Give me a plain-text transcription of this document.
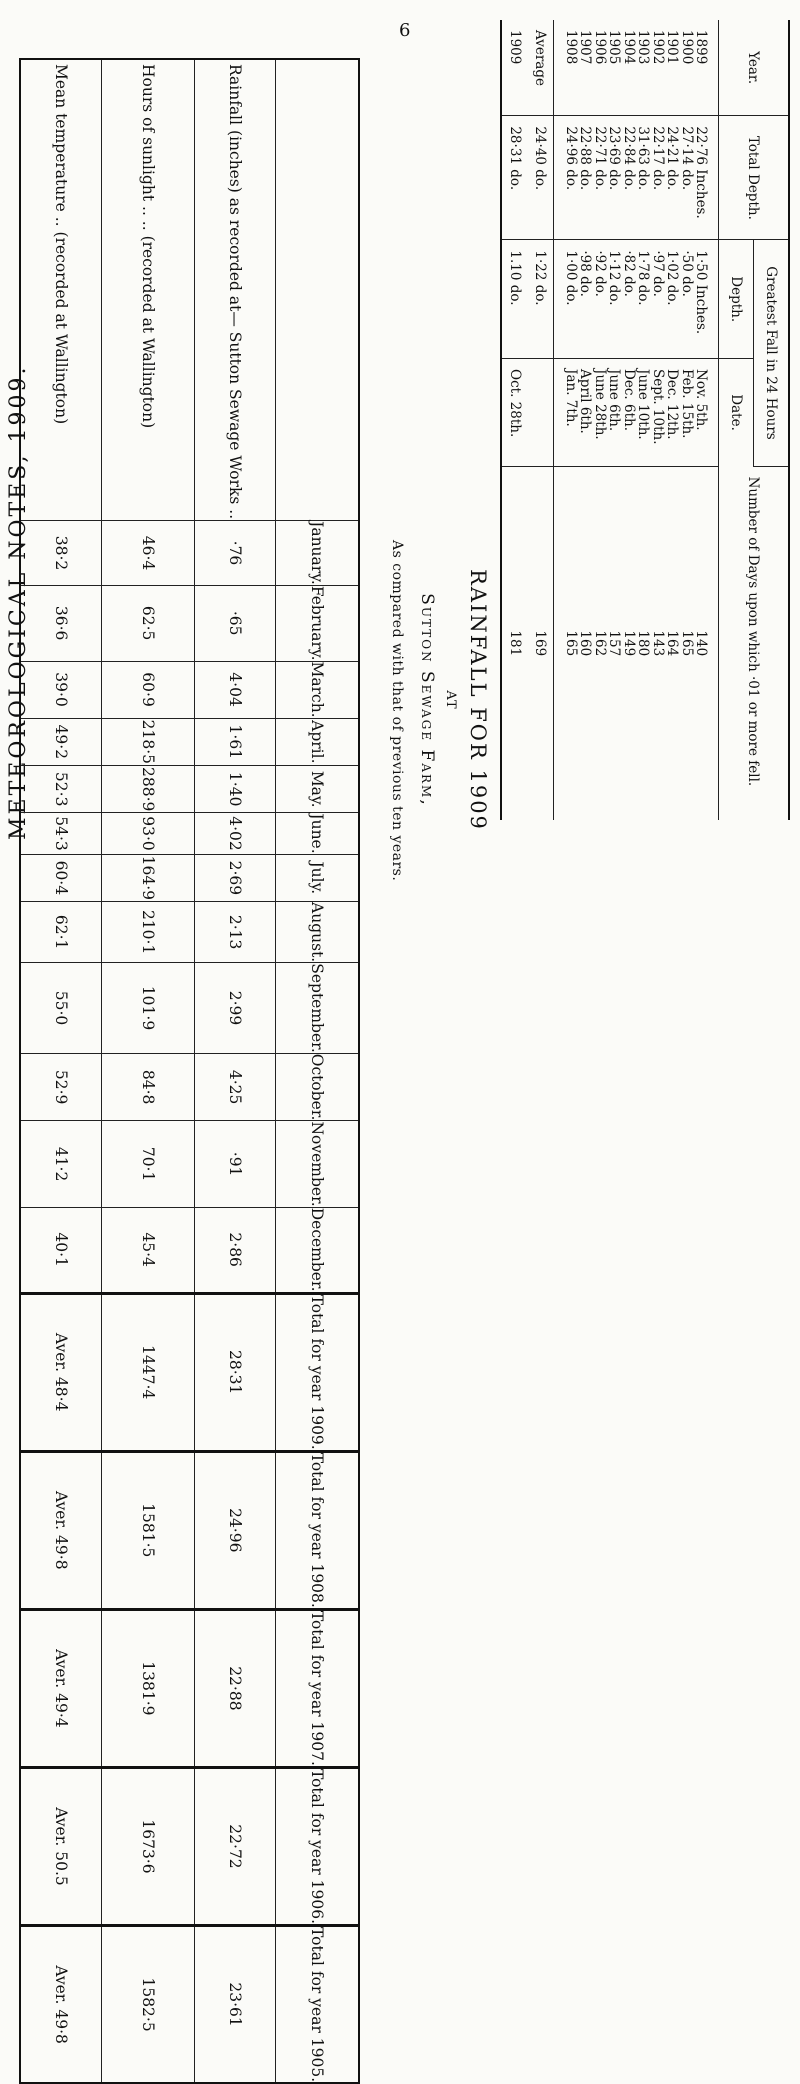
METEOROLOGICAL NOTES, 1909.
6
	January.	February.	March.	April.	May.	June.	July.	August.	September.	October.	November.	December.	Total for year 1909.	Total for year 1908.	Total for year 1907.	Total for year 1906.	Total for year 1905.
Rainfall (inches) as recorded at— Sutton Sewage Works ..	·76	·65	4·04	1·61	1·40	4·02	2·69	2·13	2·99	4·25	·91	2·86	28·31	24·96	22·88	22·72	23·61
Hours of sunlight .. .. (recorded at Wallington)	46·4	62·5	60·9	218·5	288·9	93·0	164·9	210·1	101·9	84·8	70·1	45·4	1447·4	1581·5	1381·9	1673·6	1582·5
Mean temperature .. (recorded at Wallington)	38·2	36·6	39·0	49·2	52·3	54·3	60·4	62·1	55·0	52·9	41·2	40·1	Aver. 48·4	Aver. 49·8	Aver. 49·4	Aver. 50.5	Aver. 49·8
RAINFALL FOR 1909
AT
Sutton Sewage Farm,
As compared with that of previous ten years.
Year.	Total Depth.	Greatest Fall in 24 Hours		Number of Days upon which ·01 or more fell.
		Depth.	Date.	

1899	22·76 Inches.	1·50 Inches.	Nov. 5th.	140
1900	27·14 do.	·50 do.	Feb. 15th.	165
1901	24·21 do.	1·02 do.	Dec. 12th.	164
1902	22·17 do.	·97 do.	Sept. 10th.	143
1903	31·63 do.	1·78 do.	June 10th.	180
1904	22·84 do.	·82 do.	Dec. 6th.	149
1905	23·69 do.	1·12 do.	June 6th.	157
1906	22·71 do.	·92 do.	June 28th.	162
1907	22·88 do.	·98 do.	April 6th.	160
1908	24·96 do.	1·00 do.	Jan. 7th.	165

Average	24·40 do.	1·22 do.		169
1909	28·31 do.	1.10 do.	Oct. 28th.	181
